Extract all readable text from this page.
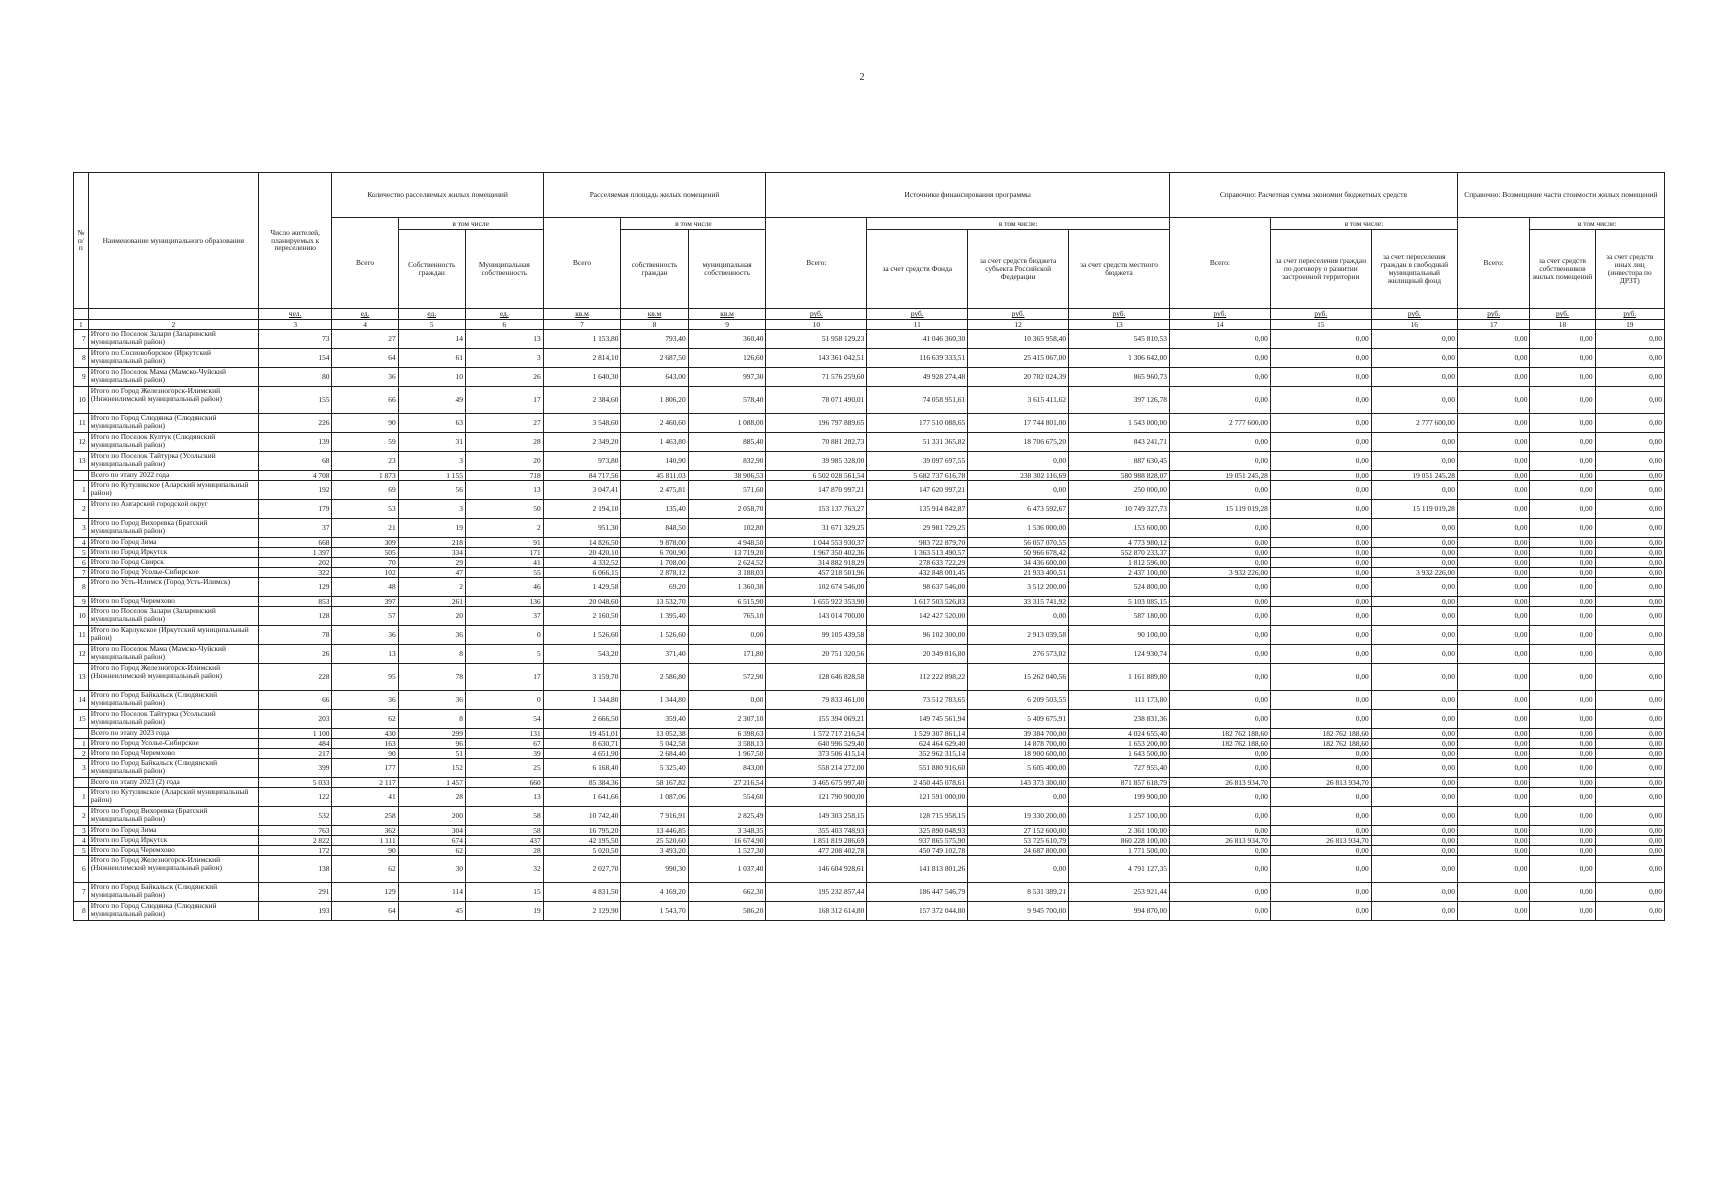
2
№ п/ п	Наименование муниципального образования	Число жителей, планируемых к переселению	Количество расселяемых жилых помещений			Расселяемая площадь жилых помещений			Источники финансирования программы				Справочно: Расчетная сумма экономии бюджетных средств			Справочно: Возмещение части стоимости жилых помещений		
			Всего	в том числе		Всего	в том числе		Всего:	в том числе:			Всего:	в том числе:		Всего:	в том числе:	
				Собственность граждан	Муниципальная собственность		собственность граждан	муниципальная собственность		за счет средств Фонда	за счет средств бюджета субъекта Российской Федерации	за счет средств местного бюджета		за счет переселения граждан по договору о развитии застроенной территории	за счет переселения граждан в свободный муниципальный жилищный фонд		за счет средств собственников жилых помещений	за счет средств иных лиц (инвестора по ДРЗТ)
		чел.	ед.	ед.	ед.	кв.м	кв.м	кв.м	руб.	руб.	руб.	руб.	руб.	руб.	руб.	руб.	руб.	руб.
1	2	3	4	5	6	7	8	9	10	11	12	13	14	15	16	17	18	19
7	Итого по Поселок Залари (Заларинский муниципальный район)	73	27	14	13	1 153,80	793,40	360,40	51 958 129,23	41 046 360,30	10 365 958,40	545 810,53	0,00	0,00	0,00	0,00	0,00	0,00
8	Итого по Сосновоборское (Иркутский муниципальный район)	154	64	61	3	2 814,10	2 687,50	126,60	143 361 042,51	116 639 333,51	25 415 067,00	1 306 642,00	0,00	0,00	0,00	0,00	0,00	0,00
9	Итого по Поселок Мама (Мамско-Чуйский муниципальный район)	80	36	10	26	1 640,30	643,00	997,30	71 576 259,60	49 928 274,48	20 782 024,39	865 960,73	0,00	0,00	0,00	0,00	0,00	0,00
10	Итого по Город Железногорск-Илимский (Нижнеилимский муниципальный район)	155	66	49	17	2 384,60	1 806,20	578,40	78 071 490,01	74 058 951,61	3 615 411,62	397 126,78	0,00	0,00	0,00	0,00	0,00	0,00
11	Итого по Город Слюдянка (Слюдянский муниципальный район)	226	90	63	27	3 548,60	2 460,60	1 088,00	196 797 889,65	177 510 088,65	17 744 801,00	1 543 000,00	2 777 600,00	0,00	2 777 600,00	0,00	0,00	0,00
12	Итого по Поселок Култук (Слюдянский муниципальный район)	139	59	31	28	2 349,20	1 463,80	885,40	70 881 282,73	51 331 365,82	18 706 675,20	843 241,71	0,00	0,00	0,00	0,00	0,00	0,00
13	Итого по Поселок Тайтурка (Усольский муниципальный район)	68	23	3	20	973,80	140,90	832,90	39 985 328,00	39 097 697,55	0,00	887 630,45	0,00	0,00	0,00	0,00	0,00	0,00
	Всего по этапу 2022 года	4 708	1 873	1 155	718	84 717,56	45 811,03	38 906,53	6 502 028 561,54	5 682 737 616,78	238 302 116,69	580 988 828,07	19 051 245,28	0,00	19 051 245,28	0,00	0,00	0,00
1	Итого по Кутуликское (Аларский муниципальный район)	192	69	56	13	3 047,41	2 475,81	571,60	147 870 997,21	147 620 997,21	0,00	250 000,00	0,00	0,00	0,00	0,00	0,00	0,00
2	Итого по Ангарский городской округ	179	53	3	50	2 194,10	135,40	2 058,70	153 137 763,27	135 914 842,87	6 473 592,67	10 749 327,73	15 119 019,28	0,00	15 119 019,28	0,00	0,00	0,00
3	Итого по Город Вихоревка (Братский муниципальный район)	37	21	19	2	951,30	848,50	102,80	31 671 329,25	29 981 729,25	1 536 000,00	153 600,00	0,00	0,00	0,00	0,00	0,00	0,00
4	Итого по Город Зима	668	309	218	91	14 826,50	9 878,00	4 948,50	1 044 553 930,37	983 722 879,70	56 057 070,55	4 773 980,12	0,00	0,00	0,00	0,00	0,00	0,00
5	Итого по Город Иркутск	1 397	505	334	171	20 420,10	6 700,90	13 719,20	1 967 350 402,36	1 363 513 490,57	50 966 678,42	552 870 233,37	0,00	0,00	0,00	0,00	0,00	0,00
6	Итого по Город Свирск	202	70	29	41	4 332,52	1 708,00	2 624,52	314 882 918,29	278 633 722,29	34 436 600,00	1 812 596,00	0,00	0,00	0,00	0,00	0,00	0,00
7	Итого по Город Усолье-Сибирское	322	102	47	55	6 066,15	2 878,12	3 188,03	457 218 501,96	432 848 001,45	21 933 400,51	2 437 100,00	3 932 226,00	0,00	3 932 226,00	0,00	0,00	0,00
8	Итого по Усть-Илимск (Город Усть-Илимск)	129	48	2	46	1 429,58	69,20	1 360,38	102 674 546,00	98 637 546,00	3 512 200,00	524 800,00	0,00	0,00	0,00	0,00	0,00	0,00
9	Итого по Город Черемхово	853	397	261	136	20 048,60	13 532,70	6 515,90	1 655 922 353,90	1 617 503 526,83	33 315 741,92	5 103 085,15	0,00	0,00	0,00	0,00	0,00	0,00
10	Итого по Поселок Залари (Заларинский муниципальный район)	128	57	20	37	2 160,50	1 395,40	765,10	143 014 700,00	142 427 520,00	0,00	587 180,00	0,00	0,00	0,00	0,00	0,00	0,00
11	Итого по Карлукское (Иркутский муниципальный район)	78	36	36	0	1 526,60	1 526,60	0,00	99 105 439,58	96 102 300,00	2 913 039,58	90 100,00	0,00	0,00	0,00	0,00	0,00	0,00
12	Итого по Поселок Мама (Мамско-Чуйский муниципальный район)	26	13	8	5	543,20	371,40	171,80	20 751 320,56	20 349 816,80	276 573,02	124 930,74	0,00	0,00	0,00	0,00	0,00	0,00
13	Итого по Город Железногорск-Илимский (Нижнеилимский муниципальный район)	228	95	78	17	3 159,70	2 586,80	572,90	128 646 828,58	112 222 898,22	15 262 040,56	1 161 889,80	0,00	0,00	0,00	0,00	0,00	0,00
14	Итого по Город Байкальск (Слюдянский муниципальный район)	66	36	36	0	1 344,80	1 344,80	0,00	79 833 461,00	73 512 783,65	6 209 503,55	111 173,80	0,00	0,00	0,00	0,00	0,00	0,00
15	Итого по Поселок Тайтурка (Усольский муниципальный район)	203	62	8	54	2 666,50	359,40	2 307,10	155 394 069,21	149 745 561,94	5 409 675,91	238 831,36	0,00	0,00	0,00	0,00	0,00	0,00
	Всего по этапу 2023 года	1 100	430	299	131	19 451,01	13 052,38	6 398,63	1 572 717 216,54	1 529 307 861,14	39 384 700,00	4 024 655,40	182 762 188,60	182 762 188,60	0,00	0,00	0,00	0,00
1	Итого по Город Усолье-Сибирское	484	163	96	67	8 630,71	5 042,58	3 588,13	640 996 529,40	624 464 629,40	14 878 700,00	1 653 200,00	182 762 188,60	182 762 188,60	0,00	0,00	0,00	0,00
2	Итого по Город Черемхово	217	90	51	39	4 651,90	2 684,40	1 967,50	373 506 415,14	352 962 315,14	18 900 600,00	1 643 500,00	0,00	0,00	0,00	0,00	0,00	0,00
3	Итого по Город Байкальск (Слюдянский муниципальный район)	399	177	152	25	6 168,40	5 325,40	843,00	558 214 272,00	551 880 916,60	5 605 400,00	727 955,40	0,00	0,00	0,00	0,00	0,00	0,00
	Всего по этапу 2023 (2) года	5 033	2 117	1 457	660	85 384,36	58 167,82	27 216,54	3 465 675 997,40	2 450 445 078,61	143 373 300,00	871 857 618,79	26 813 934,70	26 813 934,70	0,00	0,00	0,00	0,00
1	Итого по Кутуликское (Аларский муниципальный район)	122	41	28	13	1 641,66	1 087,06	554,60	121 790 900,00	121 591 000,00	0,00	199 900,00	0,00	0,00	0,00	0,00	0,00	0,00
2	Итого по Город Вихоревка (Братский муниципальный район)	532	258	200	58	10 742,40	7 916,91	2 825,49	149 303 258,15	128 715 958,15	19 330 200,00	1 257 100,00	0,00	0,00	0,00	0,00	0,00	0,00
3	Итого по Город Зима	763	362	304	58	16 795,20	13 446,85	3 348,35	355 403 748,93	325 890 048,93	27 152 600,00	2 361 100,00	0,00	0,00	0,00	0,00	0,00	0,00
4	Итого по Город Иркутск	2 822	1 111	674	437	42 195,50	25 520,60	16 674,90	1 851 819 286,69	937 865 575,90	53 725 610,79	860 228 100,00	26 813 934,70	26 813 934,70	0,00	0,00	0,00	0,00
5	Итого по Город Черемхово	172	90	62	28	5 020,50	3 493,20	1 527,30	477 208 402,78	450 749 102,78	24 687 800,00	1 771 500,00	0,00	0,00	0,00	0,00	0,00	0,00
6	Итого по Город Железногорск-Илимский (Нижнеилимский муниципальный район)	138	62	30	32	2 027,70	990,30	1 037,40	146 604 928,61	141 813 801,26	0,00	4 791 127,35	0,00	0,00	0,00	0,00	0,00	0,00
7	Итого по Город Байкальск (Слюдянский муниципальный район)	291	129	114	15	4 831,50	4 169,20	662,30	195 232 857,44	186 447 546,79	8 531 389,21	253 921,44	0,00	0,00	0,00	0,00	0,00	0,00
8	Итого по Город Слюдянка (Слюдянский муниципальный район)	193	64	45	19	2 129,90	1 543,70	586,20	168 312 614,80	157 372 044,80	9 945 700,00	994 870,00	0,00	0,00	0,00	0,00	0,00	0,00
